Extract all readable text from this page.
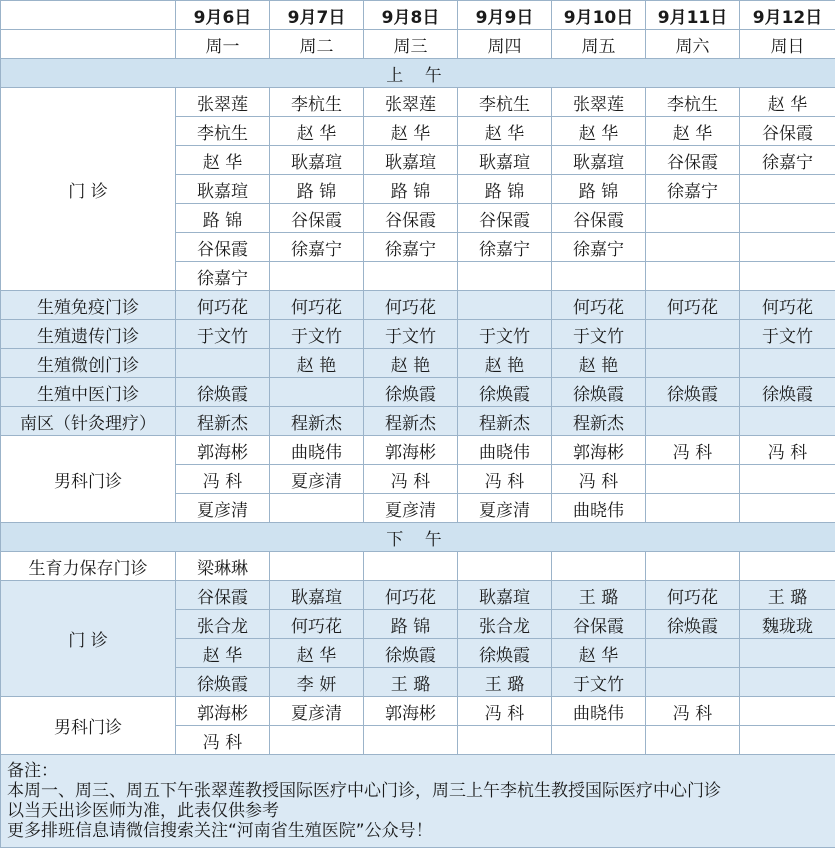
	9月6日	9月7日	9月8日	9月9日	9月10日	9月11日	9月12日
	周一	周二	周三	周四	周五	周六	周日
上 午							
门 诊	张翠莲	李杭生	张翠莲	李杭生	张翠莲	李杭生	赵 华
	李杭生	赵 华	赵 华	赵 华	赵 华	赵 华	谷保霞
	赵 华	耿嘉瑄	耿嘉瑄	耿嘉瑄	耿嘉瑄	谷保霞	徐嘉宁
	耿嘉瑄	路 锦	路 锦	路 锦	路 锦	徐嘉宁	
	路 锦	谷保霞	谷保霞	谷保霞	谷保霞		
	谷保霞	徐嘉宁	徐嘉宁	徐嘉宁	徐嘉宁		
	徐嘉宁						
生殖免疫门诊	何巧花	何巧花	何巧花		何巧花	何巧花	何巧花
生殖遗传门诊	于文竹	于文竹	于文竹	于文竹	于文竹		于文竹
生殖微创门诊		赵 艳	赵 艳	赵 艳	赵 艳		
生殖中医门诊	徐焕霞		徐焕霞	徐焕霞	徐焕霞	徐焕霞	徐焕霞
南区（针灸理疗）	程新杰	程新杰	程新杰	程新杰	程新杰		
男科门诊	郭海彬	曲晓伟	郭海彬	曲晓伟	郭海彬	冯 科	冯 科
	冯 科	夏彦清	冯 科	冯 科	冯 科		
	夏彦清		夏彦清	夏彦清	曲晓伟		
下 午							
生育力保存门诊	梁琳琳						
门 诊	谷保霞	耿嘉瑄	何巧花	耿嘉瑄	王 璐	何巧花	王 璐
	张合龙	何巧花	路 锦	张合龙	谷保霞	徐焕霞	魏珑珑
	赵 华	赵 华	徐焕霞	徐焕霞	赵 华		
	徐焕霞	李 妍	王 璐	王 璐	于文竹		
男科门诊	郭海彬	夏彦清	郭海彬	冯 科	曲晓伟	冯 科	
	冯 科						

备注：
本周一、周三、周五下午张翠莲教授国际医疗中心门诊，周三上午李杭生教授国际医疗中心门诊
以当天出诊医师为准，此表仅供参考
更多排班信息请微信搜索关注“河南省生殖医院”公众号！							
